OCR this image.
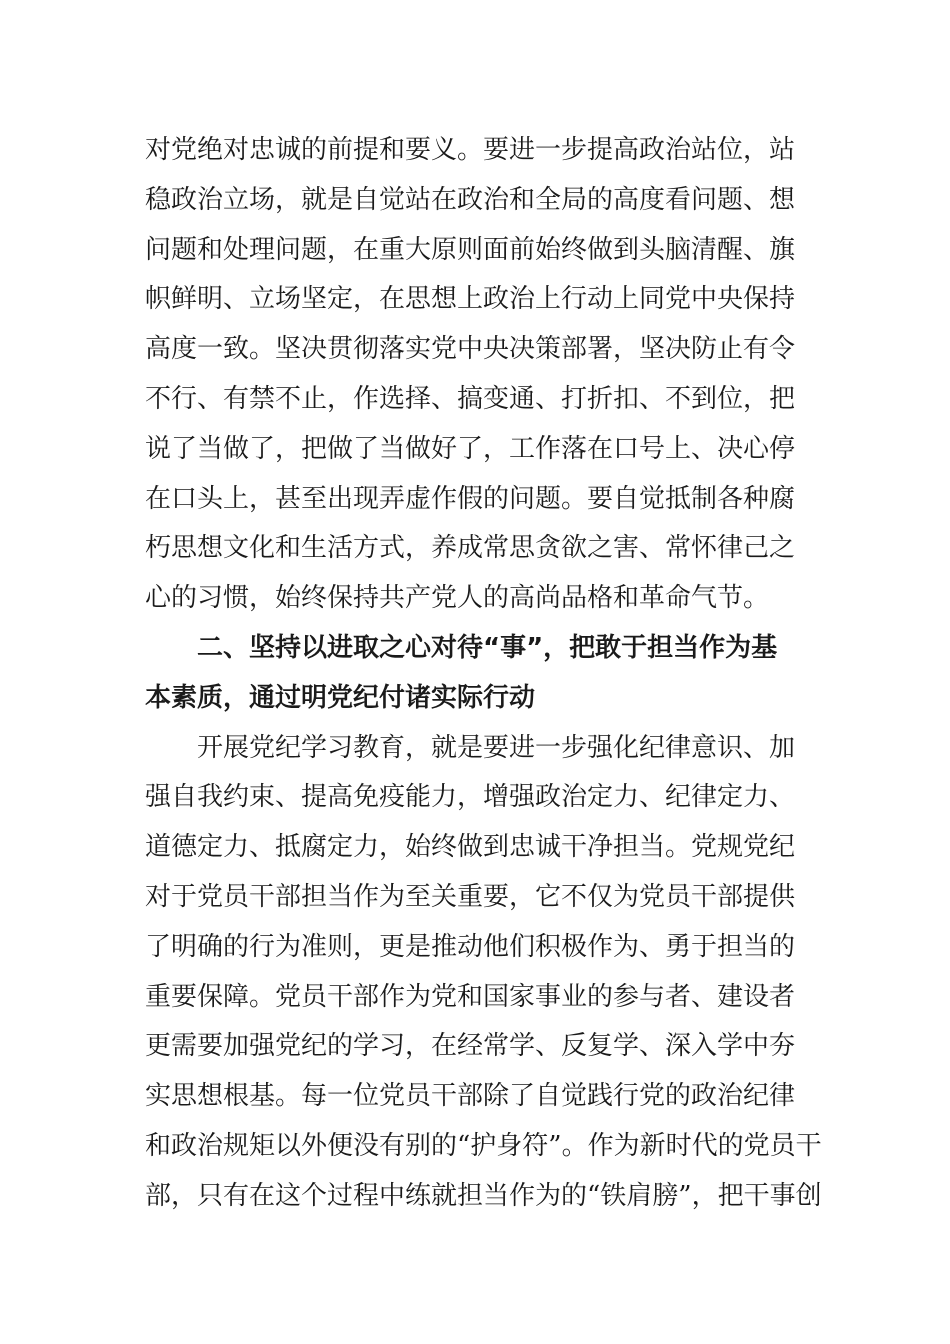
对党绝对忠诚的前提和要义。要进一步提高政治站位，站
稳政治立场，就是自觉站在政治和全局的高度看问题、想
问题和处理问题，在重大原则面前始终做到头脑清醒、旗
帜鲜明、立场坚定，在思想上政治上行动上同党中央保持
高度一致。坚决贯彻落实党中央决策部署，坚决防止有令
不行、有禁不止，作选择、搞变通、打折扣、不到位，把
说了当做了，把做了当做好了，工作落在口号上、决心停
在口头上，甚至出现弄虚作假的问题。要自觉抵制各种腐
朽思想文化和生活方式，养成常思贪欲之害、常怀律己之
心的习惯，始终保持共产党人的高尚品格和革命气节。
二、坚持以进取之心对待“事”，把敢于担当作为基
本素质，通过明党纪付诸实际行动
开展党纪学习教育，就是要进一步强化纪律意识、加
强自我约束、提高免疫能力，增强政治定力、纪律定力、
道德定力、抵腐定力，始终做到忠诚干净担当。党规党纪
对于党员干部担当作为至关重要，它不仅为党员干部提供
了明确的行为准则，更是推动他们积极作为、勇于担当的
重要保障。党员干部作为党和国家事业的参与者、建设者
更需要加强党纪的学习，在经常学、反复学、深入学中夯
实思想根基。每一位党员干部除了自觉践行党的政治纪律
和政治规矩以外便没有别的“护身符”。作为新时代的党员干
部，只有在这个过程中练就担当作为的“铁肩膀”，把干事创
